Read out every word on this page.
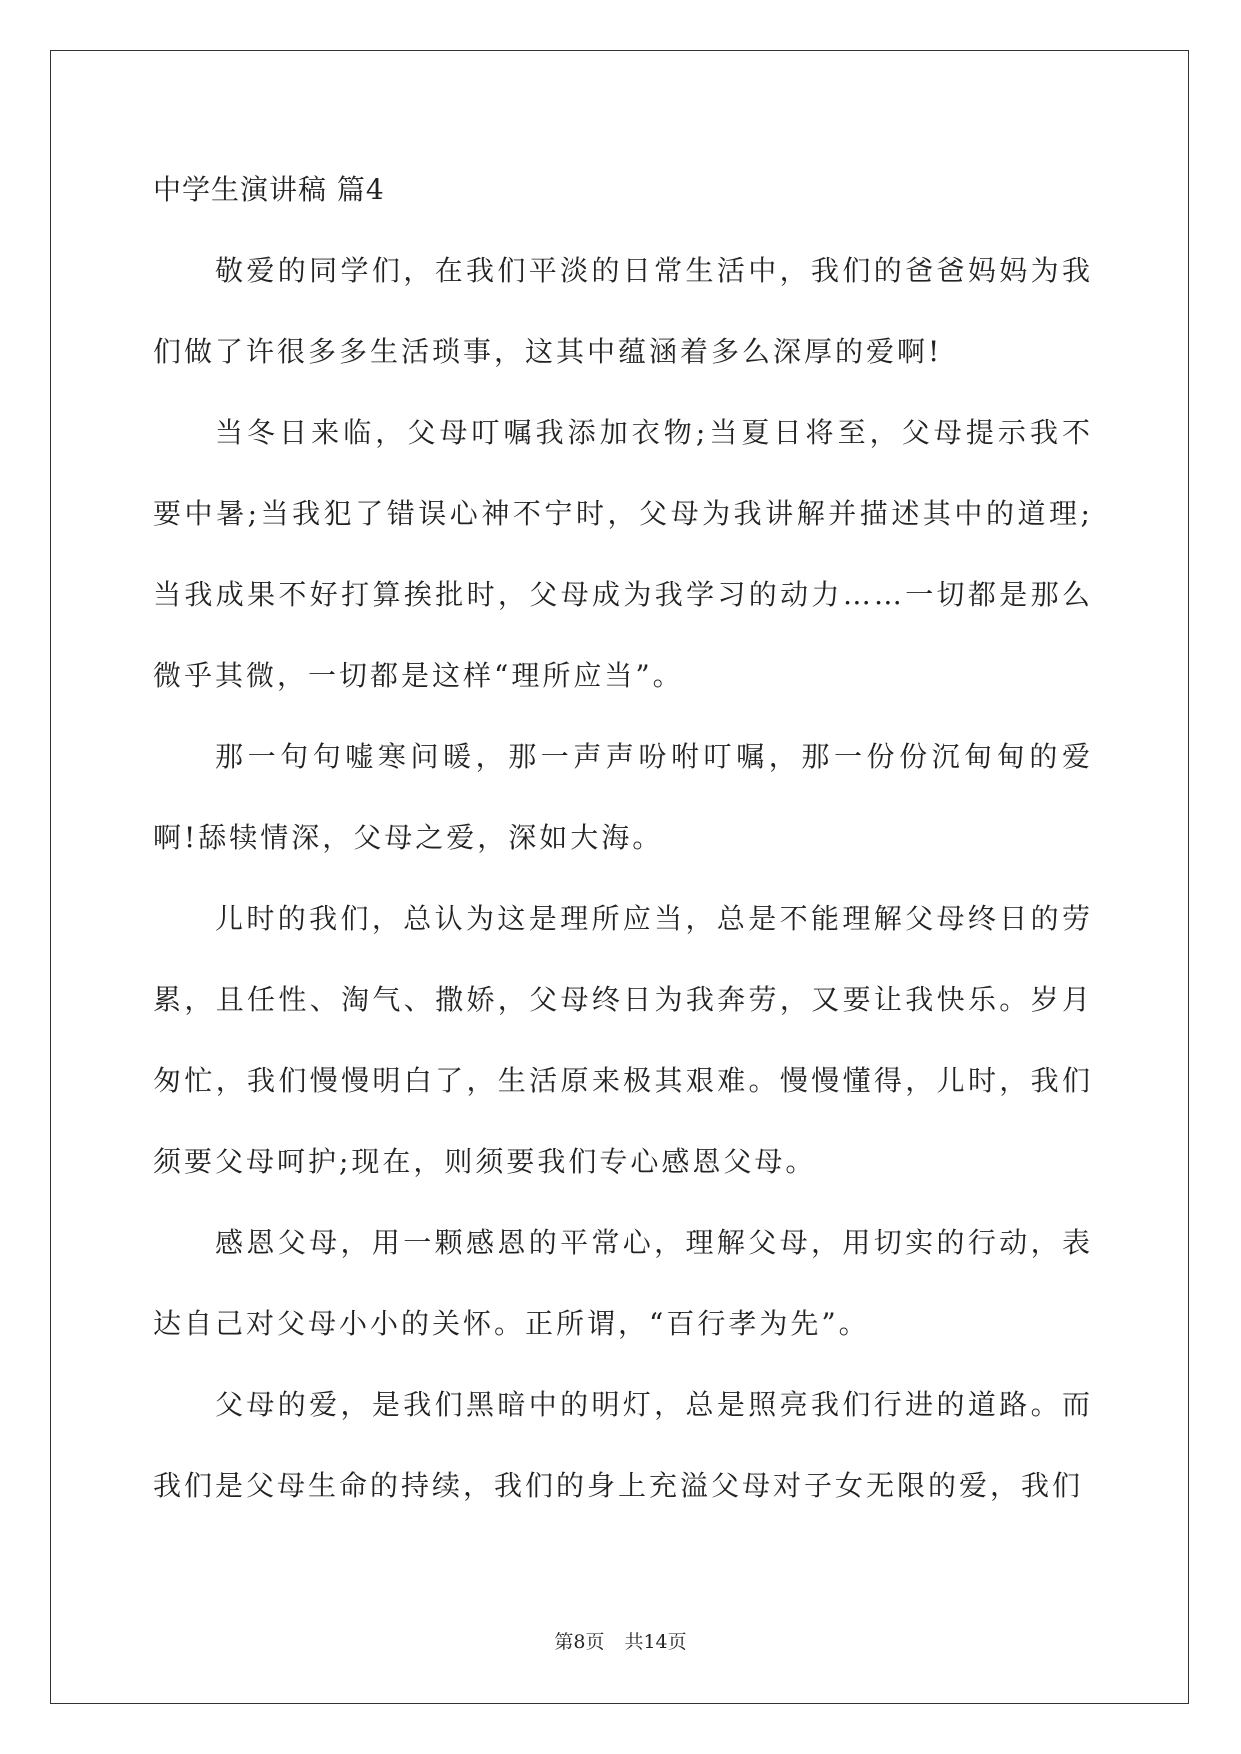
中学生演讲稿 篇4

敬爱的同学们，在我们平淡的日常生活中，我们的爸爸妈妈为我们做了许很多多生活琐事，这其中蕴涵着多么深厚的爱啊!

当冬日来临，父母叮嘱我添加衣物;当夏日将至，父母提示我不要中暑;当我犯了错误心神不宁时，父母为我讲解并描述其中的道理;当我成果不好打算挨批时，父母成为我学习的动力……一切都是那么微乎其微，一切都是这样“理所应当”。

那一句句嘘寒问暖，那一声声吩咐叮嘱，那一份份沉甸甸的爱啊!舔犊情深，父母之爱，深如大海。

儿时的我们，总认为这是理所应当，总是不能理解父母终日的劳累，且任性、淘气、撒娇，父母终日为我奔劳，又要让我快乐。岁月匆忙，我们慢慢明白了，生活原来极其艰难。慢慢懂得，儿时，我们须要父母呵护;现在，则须要我们专心感恩父母。

感恩父母，用一颗感恩的平常心，理解父母，用切实的行动，表达自己对父母小小的关怀。正所谓，“百行孝为先”。

父母的爱，是我们黑暗中的明灯，总是照亮我们行进的道路。而我们是父母生命的持续，我们的身上充溢父母对子女无限的爱，我们

第8页 共14页
